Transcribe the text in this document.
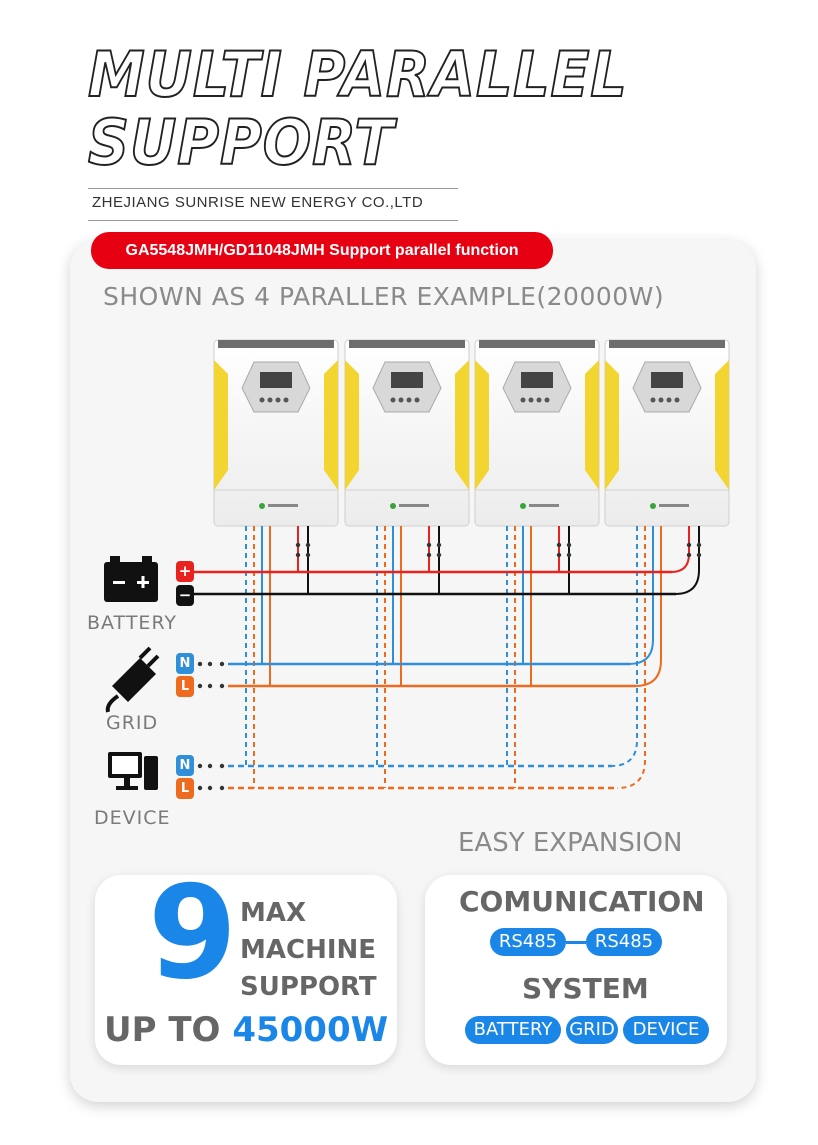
MULTI PARALLEL
SUPPORT
ZHEJIANG SUNRISE NEW ENERGY CO.,LTD
GA5548JMH/GD11048JMH Support parallel function
SHOWN AS 4 PARALLER EXAMPLE(20000W)
+
−
N
L
N
L
BATTERY
GRID
DEVICE
EASY EXPANSION
9 MAX
MACHINE
SUPPORT
UP TO 45000W
COMUNICATION
RS485	RS485
SYSTEM
BATTERY GRID DEVICE
